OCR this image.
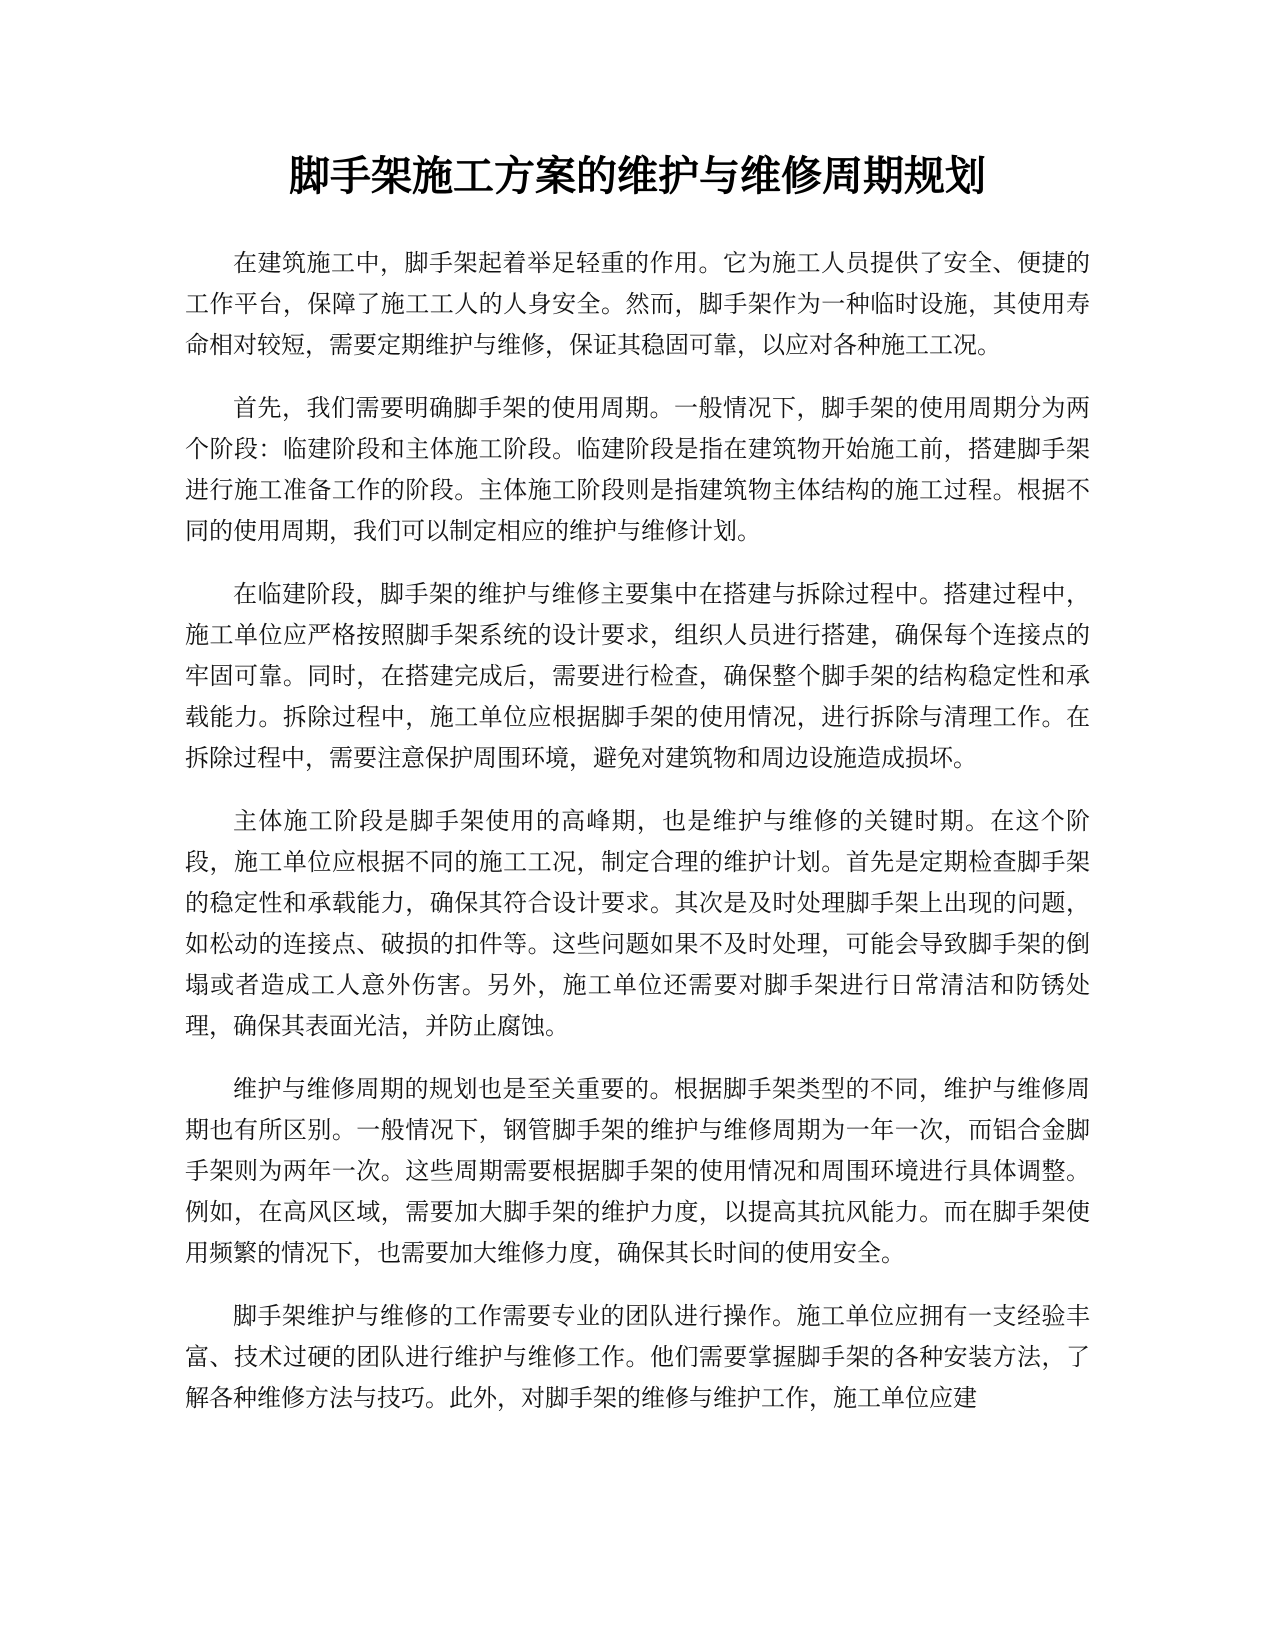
脚手架施工方案的维护与维修周期规划

在建筑施工中，脚手架起着举足轻重的作用。它为施工人员提供了安全、便捷的工作平台，保障了施工工人的人身安全。然而，脚手架作为一种临时设施，其使用寿命相对较短，需要定期维护与维修，保证其稳固可靠，以应对各种施工工况。

首先，我们需要明确脚手架的使用周期。一般情况下，脚手架的使用周期分为两个阶段：临建阶段和主体施工阶段。临建阶段是指在建筑物开始施工前，搭建脚手架进行施工准备工作的阶段。主体施工阶段则是指建筑物主体结构的施工过程。根据不同的使用周期，我们可以制定相应的维护与维修计划。

在临建阶段，脚手架的维护与维修主要集中在搭建与拆除过程中。搭建过程中，施工单位应严格按照脚手架系统的设计要求，组织人员进行搭建，确保每个连接点的牢固可靠。同时，在搭建完成后，需要进行检查，确保整个脚手架的结构稳定性和承载能力。拆除过程中，施工单位应根据脚手架的使用情况，进行拆除与清理工作。在拆除过程中，需要注意保护周围环境，避免对建筑物和周边设施造成损坏。

主体施工阶段是脚手架使用的高峰期，也是维护与维修的关键时期。在这个阶段，施工单位应根据不同的施工工况，制定合理的维护计划。首先是定期检查脚手架的稳定性和承载能力，确保其符合设计要求。其次是及时处理脚手架上出现的问题，如松动的连接点、破损的扣件等。这些问题如果不及时处理，可能会导致脚手架的倒塌或者造成工人意外伤害。另外，施工单位还需要对脚手架进行日常清洁和防锈处理，确保其表面光洁，并防止腐蚀。

维护与维修周期的规划也是至关重要的。根据脚手架类型的不同，维护与维修周期也有所区别。一般情况下，钢管脚手架的维护与维修周期为一年一次，而铝合金脚手架则为两年一次。这些周期需要根据脚手架的使用情况和周围环境进行具体调整。例如，在高风区域，需要加大脚手架的维护力度，以提高其抗风能力。而在脚手架使用频繁的情况下，也需要加大维修力度，确保其长时间的使用安全。

脚手架维护与维修的工作需要专业的团队进行操作。施工单位应拥有一支经验丰富、技术过硬的团队进行维护与维修工作。他们需要掌握脚手架的各种安装方法，了解各种维修方法与技巧。此外，对脚手架的维修与维护工作，施工单位应建
